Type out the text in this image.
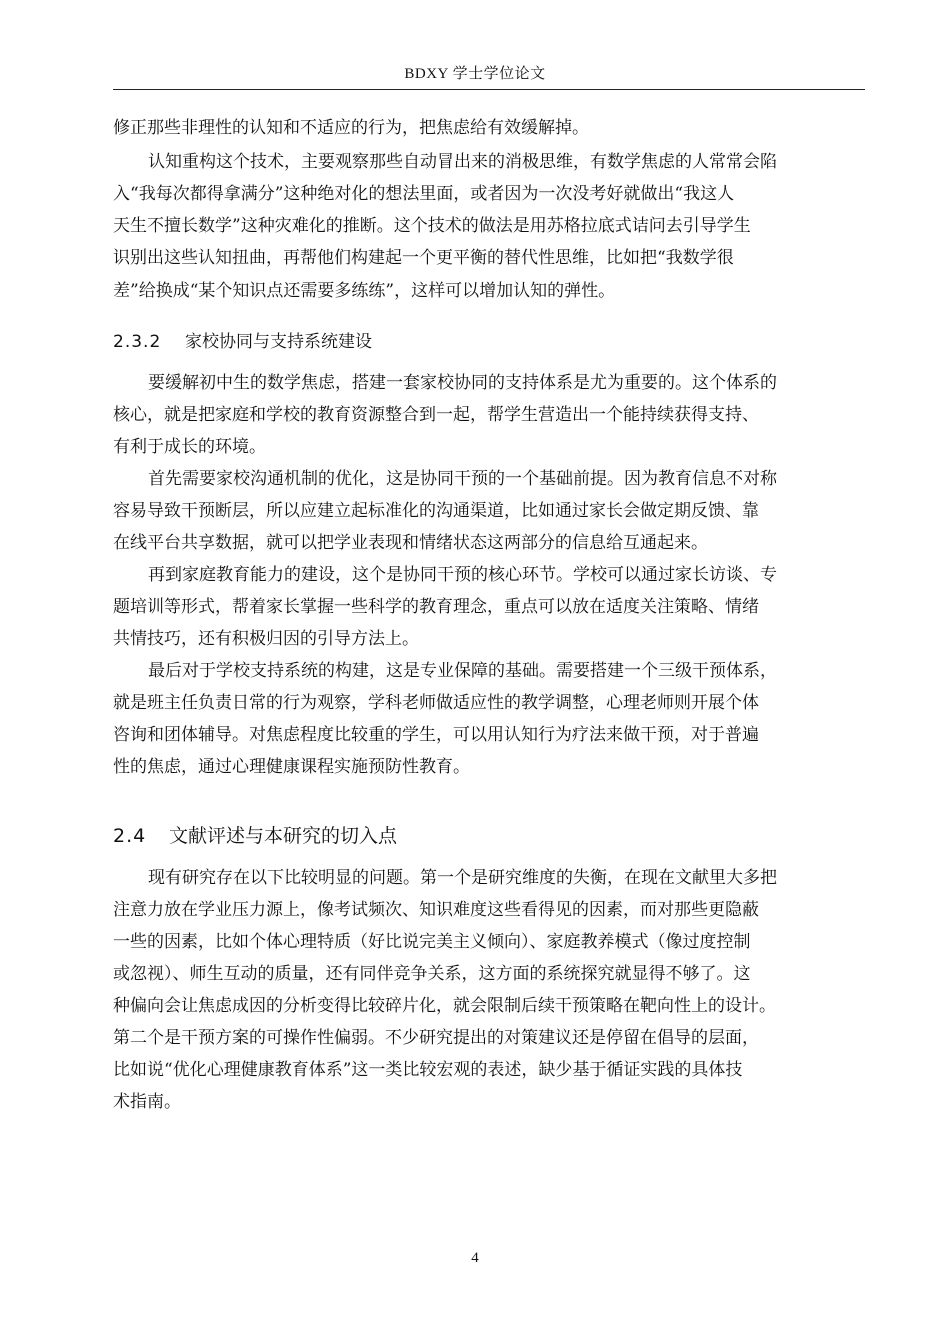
BDXY 学士学位论文
修正那些非理性的认知和不适应的行为，把焦虑给有效缓解掉。
认知重构这个技术，主要观察那些自动冒出来的消极思维，有数学焦虑的人常常会陷
入“我每次都得拿满分”这种绝对化的想法里面，或者因为一次没考好就做出“我这人
天生不擅长数学”这种灾难化的推断。这个技术的做法是用苏格拉底式诘问去引导学生
识别出这些认知扭曲，再帮他们构建起一个更平衡的替代性思维，比如把“我数学很
差”给换成“某个知识点还需要多练练”，这样可以增加认知的弹性。
2.3.2 家校协同与支持系统建设
要缓解初中生的数学焦虑，搭建一套家校协同的支持体系是尤为重要的。这个体系的
核心，就是把家庭和学校的教育资源整合到一起，帮学生营造出一个能持续获得支持、
有利于成长的环境。
首先需要家校沟通机制的优化，这是协同干预的一个基础前提。因为教育信息不对称
容易导致干预断层，所以应建立起标准化的沟通渠道，比如通过家长会做定期反馈、靠
在线平台共享数据，就可以把学业表现和情绪状态这两部分的信息给互通起来。
再到家庭教育能力的建设，这个是协同干预的核心环节。学校可以通过家长访谈、专
题培训等形式，帮着家长掌握一些科学的教育理念，重点可以放在适度关注策略、情绪
共情技巧，还有积极归因的引导方法上。
最后对于学校支持系统的构建，这是专业保障的基础。需要搭建一个三级干预体系，
就是班主任负责日常的行为观察，学科老师做适应性的教学调整，心理老师则开展个体
咨询和团体辅导。对焦虑程度比较重的学生，可以用认知行为疗法来做干预，对于普遍
性的焦虑，通过心理健康课程实施预防性教育。
2.4 文献评述与本研究的切入点
现有研究存在以下比较明显的问题。第一个是研究维度的失衡，在现在文献里大多把
注意力放在学业压力源上，像考试频次、知识难度这些看得见的因素，而对那些更隐蔽
一些的因素，比如个体心理特质（好比说完美主义倾向）、家庭教养模式（像过度控制
或忽视）、师生互动的质量，还有同伴竞争关系，这方面的系统探究就显得不够了。这
种偏向会让焦虑成因的分析变得比较碎片化，就会限制后续干预策略在靶向性上的设计。
第二个是干预方案的可操作性偏弱。不少研究提出的对策建议还是停留在倡导的层面，
比如说“优化心理健康教育体系”这一类比较宏观的表述，缺少基于循证实践的具体技
术指南。
4
